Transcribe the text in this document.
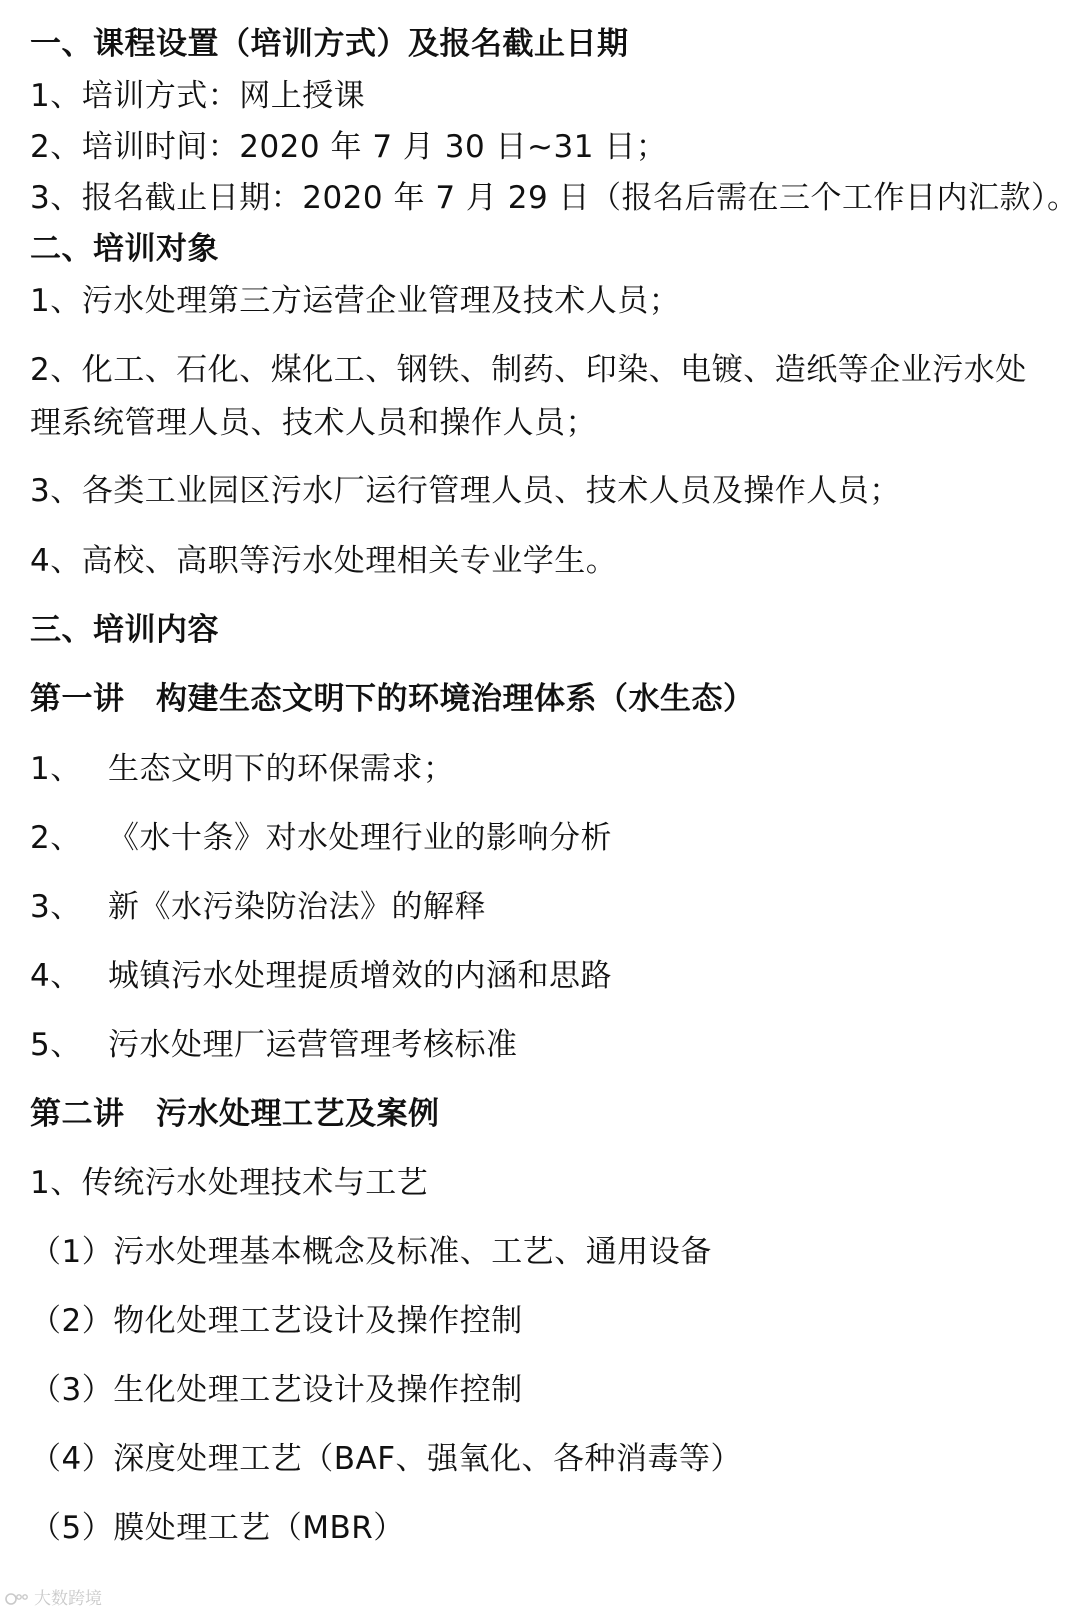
一、课程设置（培训方式）及报名截止日期
1、培训方式：网上授课
2、培训时间：2020 年 7 月 30 日~31 日；
3、报名截止日期：2020 年 7 月 29 日（报名后需在三个工作日内汇款）。
二、培训对象
1、污水处理第三方运营企业管理及技术人员；
2、化工、石化、煤化工、钢铁、制药、印染、电镀、造纸等企业污水处
理系统管理人员、技术人员和操作人员；
3、各类工业园区污水厂运行管理人员、技术人员及操作人员；
4、高校、高职等污水处理相关专业学生。
三、培训内容
第一讲　构建生态文明下的环境治理体系（水生态）
1、 生态文明下的环保需求；
2、 《水十条》对水处理行业的影响分析
3、 新《水污染防治法》的解释
4、 城镇污水处理提质增效的内涵和思路
5、 污水处理厂运营管理考核标准
第二讲　污水处理工艺及案例
1、传统污水处理技术与工艺
（1）污水处理基本概念及标准、工艺、通用设备
（2）物化处理工艺设计及操作控制
（3）生化处理工艺设计及操作控制
（4）深度处理工艺（BAF、强氧化、各种消毒等）
（5）膜处理工艺（MBR）
大数跨境
